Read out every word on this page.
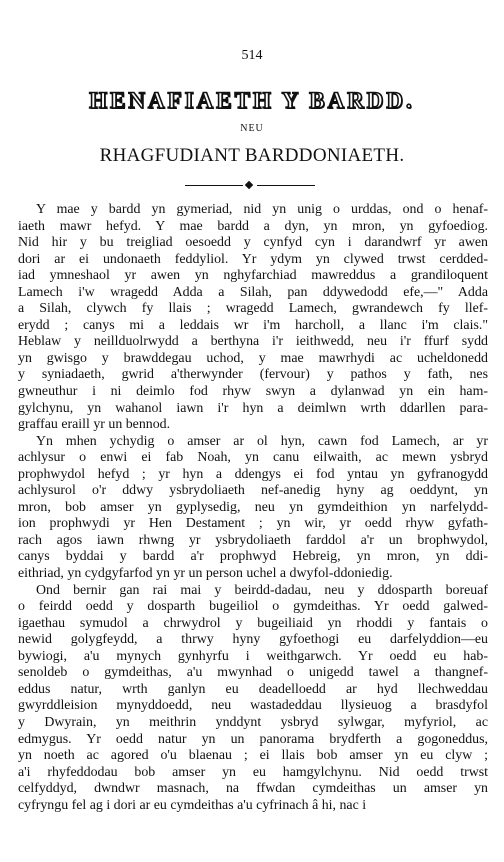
514
HENAFIAETH Y BARDD.
NEU
RHAGFUDIANT BARDDONIAETH.

Y mae y bardd yn gymeriad, nid yn unig o urddas, ond o henaf-
iaeth mawr hefyd. Y mae bardd a dyn, yn mron, yn gyfoediog.
Nid hir y bu treigliad oesoedd y cynfyd cyn i darandwrf yr awen
dori ar ei undonaeth feddyliol. Yr ydym yn clywed trwst cerdded-
iad ymneshaol yr awen yn nghyfarchiad mawreddus a grandiloquent
Lamech i'w wragedd Adda a Silah, pan ddywedodd efe,—" Adda
a Silah, clywch fy llais ; wragedd Lamech, gwrandewch fy llef-
erydd ; canys mi a leddais wr i'm harcholl, a llanc i'm clais."
Heblaw y neillduolrwydd a berthyna i'r ieithwedd, neu i'r ffurf sydd
yn gwisgo y brawddegau uchod, y mae mawrhydi ac ucheldonedd
y syniadaeth, gwrid a'therwynder (fervour) y pathos y fath, nes
gwneuthur i ni deimlo fod rhyw swyn a dylanwad yn ein ham-
gylchynu, yn wahanol iawn i'r hyn a deimlwn wrth ddarllen para-
graffau eraill yr un bennod.

Yn mhen ychydig o amser ar ol hyn, cawn fod Lamech, ar yr
achlysur o enwi ei fab Noah, yn canu eilwaith, ac mewn ysbryd
prophwydol hefyd ; yr hyn a ddengys ei fod yntau yn gyfranogydd
achlysurol o'r ddwy ysbrydoliaeth nef-anedig hyny ag oeddynt, yn
mron, bob amser yn gyplysedig, neu yn gymdeithion yn narfelydd-
ion prophwydi yr Hen Destament ; yn wir, yr oedd rhyw gyfath-
rach agos iawn rhwng yr ysbrydoliaeth farddol a'r un brophwydol,
canys byddai y bardd a'r prophwyd Hebreig, yn mron, yn ddi-
eithriad, yn cydgyfarfod yn yr un person uchel a dwyfol-ddoniedig.

Ond bernir gan rai mai y beirdd-dadau, neu y ddosparth boreuaf
o feirdd oedd y dosparth bugeiliol o gymdeithas. Yr oedd galwed-
igaethau symudol a chrwydrol y bugeiliaid yn rhoddi y fantais o
newid golygfeydd, a thrwy hyny gyfoethogi eu darfelyddion—eu
bywiogi, a'u mynych gynhyrfu i weithgarwch. Yr oedd eu hab-
senoldeb o gymdeithas, a'u mwynhad o unigedd tawel a thangnef-
eddus natur, wrth ganlyn eu deadelloedd ar hyd llechweddau
gwyrddleision mynyddoedd, neu wastadeddau llysieuog a brasdyfol
y Dwyrain, yn meithrin ynddynt ysbryd sylwgar, myfyriol, ac
edmygus. Yr oedd natur yn un panorama brydferth a gogoneddus,
yn noeth ac agored o'u blaenau ; ei llais bob amser yn eu clyw ;
a'i rhyfeddodau bob amser yn eu hamgylchynu. Nid oedd trwst
celfyddyd, dwndwr masnach, na ffwdan cymdeithas un amser yn
cyfryngu fel ag i dori ar eu cymdeithas a'u cyfrinach â hi, nac i
